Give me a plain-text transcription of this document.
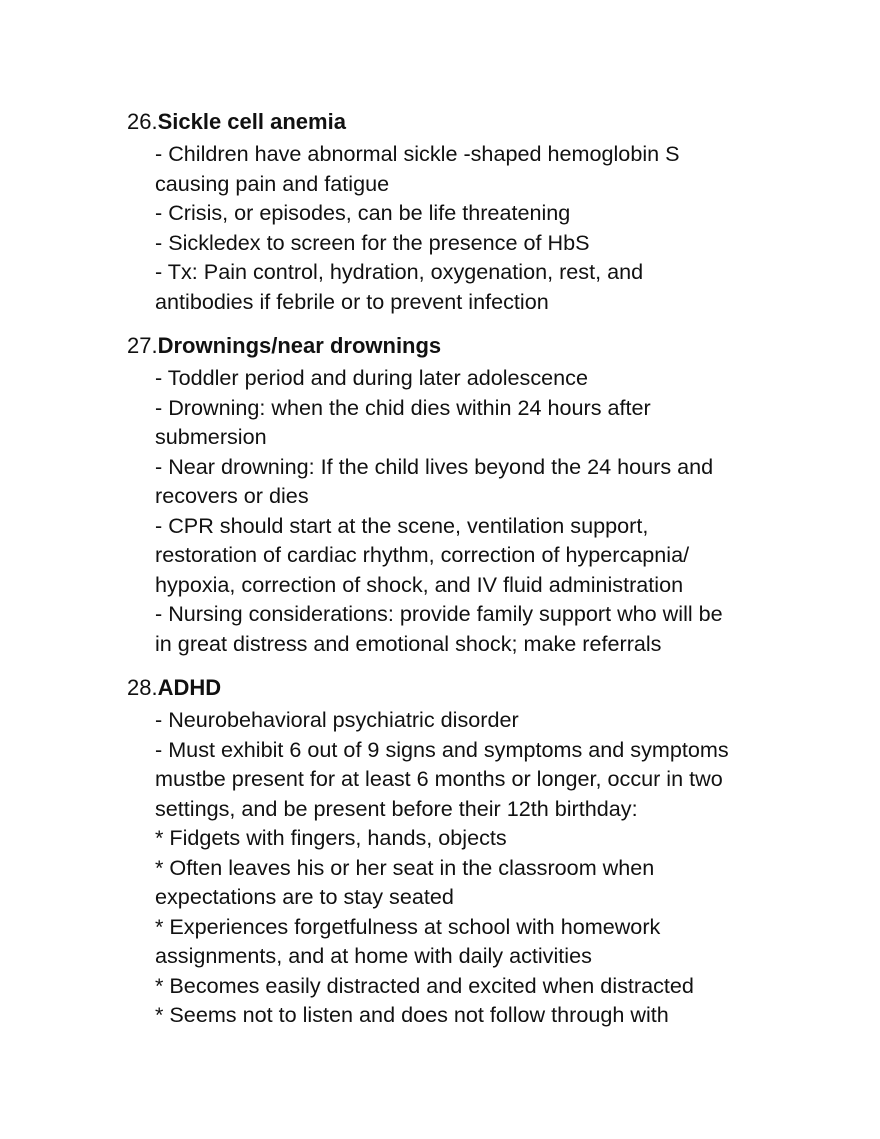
26.Sickle cell anemia
- Children have abnormal sickle -shaped hemoglobin S
causing pain and fatigue
- Crisis, or episodes, can be life threatening
- Sickledex to screen for the presence of HbS
- Tx: Pain control, hydration, oxygenation, rest, and
antibodies if febrile or to prevent infection
27.Drownings/near drownings
- Toddler period and during later adolescence
- Drowning: when the chid dies within 24 hours after
submersion
- Near drowning: If the child lives beyond the 24 hours and
recovers or dies
- CPR should start at the scene, ventilation support,
restoration of cardiac rhythm, correction of hypercapnia/
hypoxia, correction of shock, and IV fluid administration
- Nursing considerations: provide family support who will be
in great distress and emotional shock; make referrals
28.ADHD
- Neurobehavioral psychiatric disorder
- Must exhibit 6 out of 9 signs and symptoms and symptoms
mustbe present for at least 6 months or longer, occur in two
settings, and be present before their 12th birthday:
* Fidgets with fingers, hands, objects
* Often leaves his or her seat in the classroom when
expectations are to stay seated
* Experiences forgetfulness at school with homework
assignments, and at home with daily activities
* Becomes easily distracted and excited when distracted
* Seems not to listen and does not follow through with
